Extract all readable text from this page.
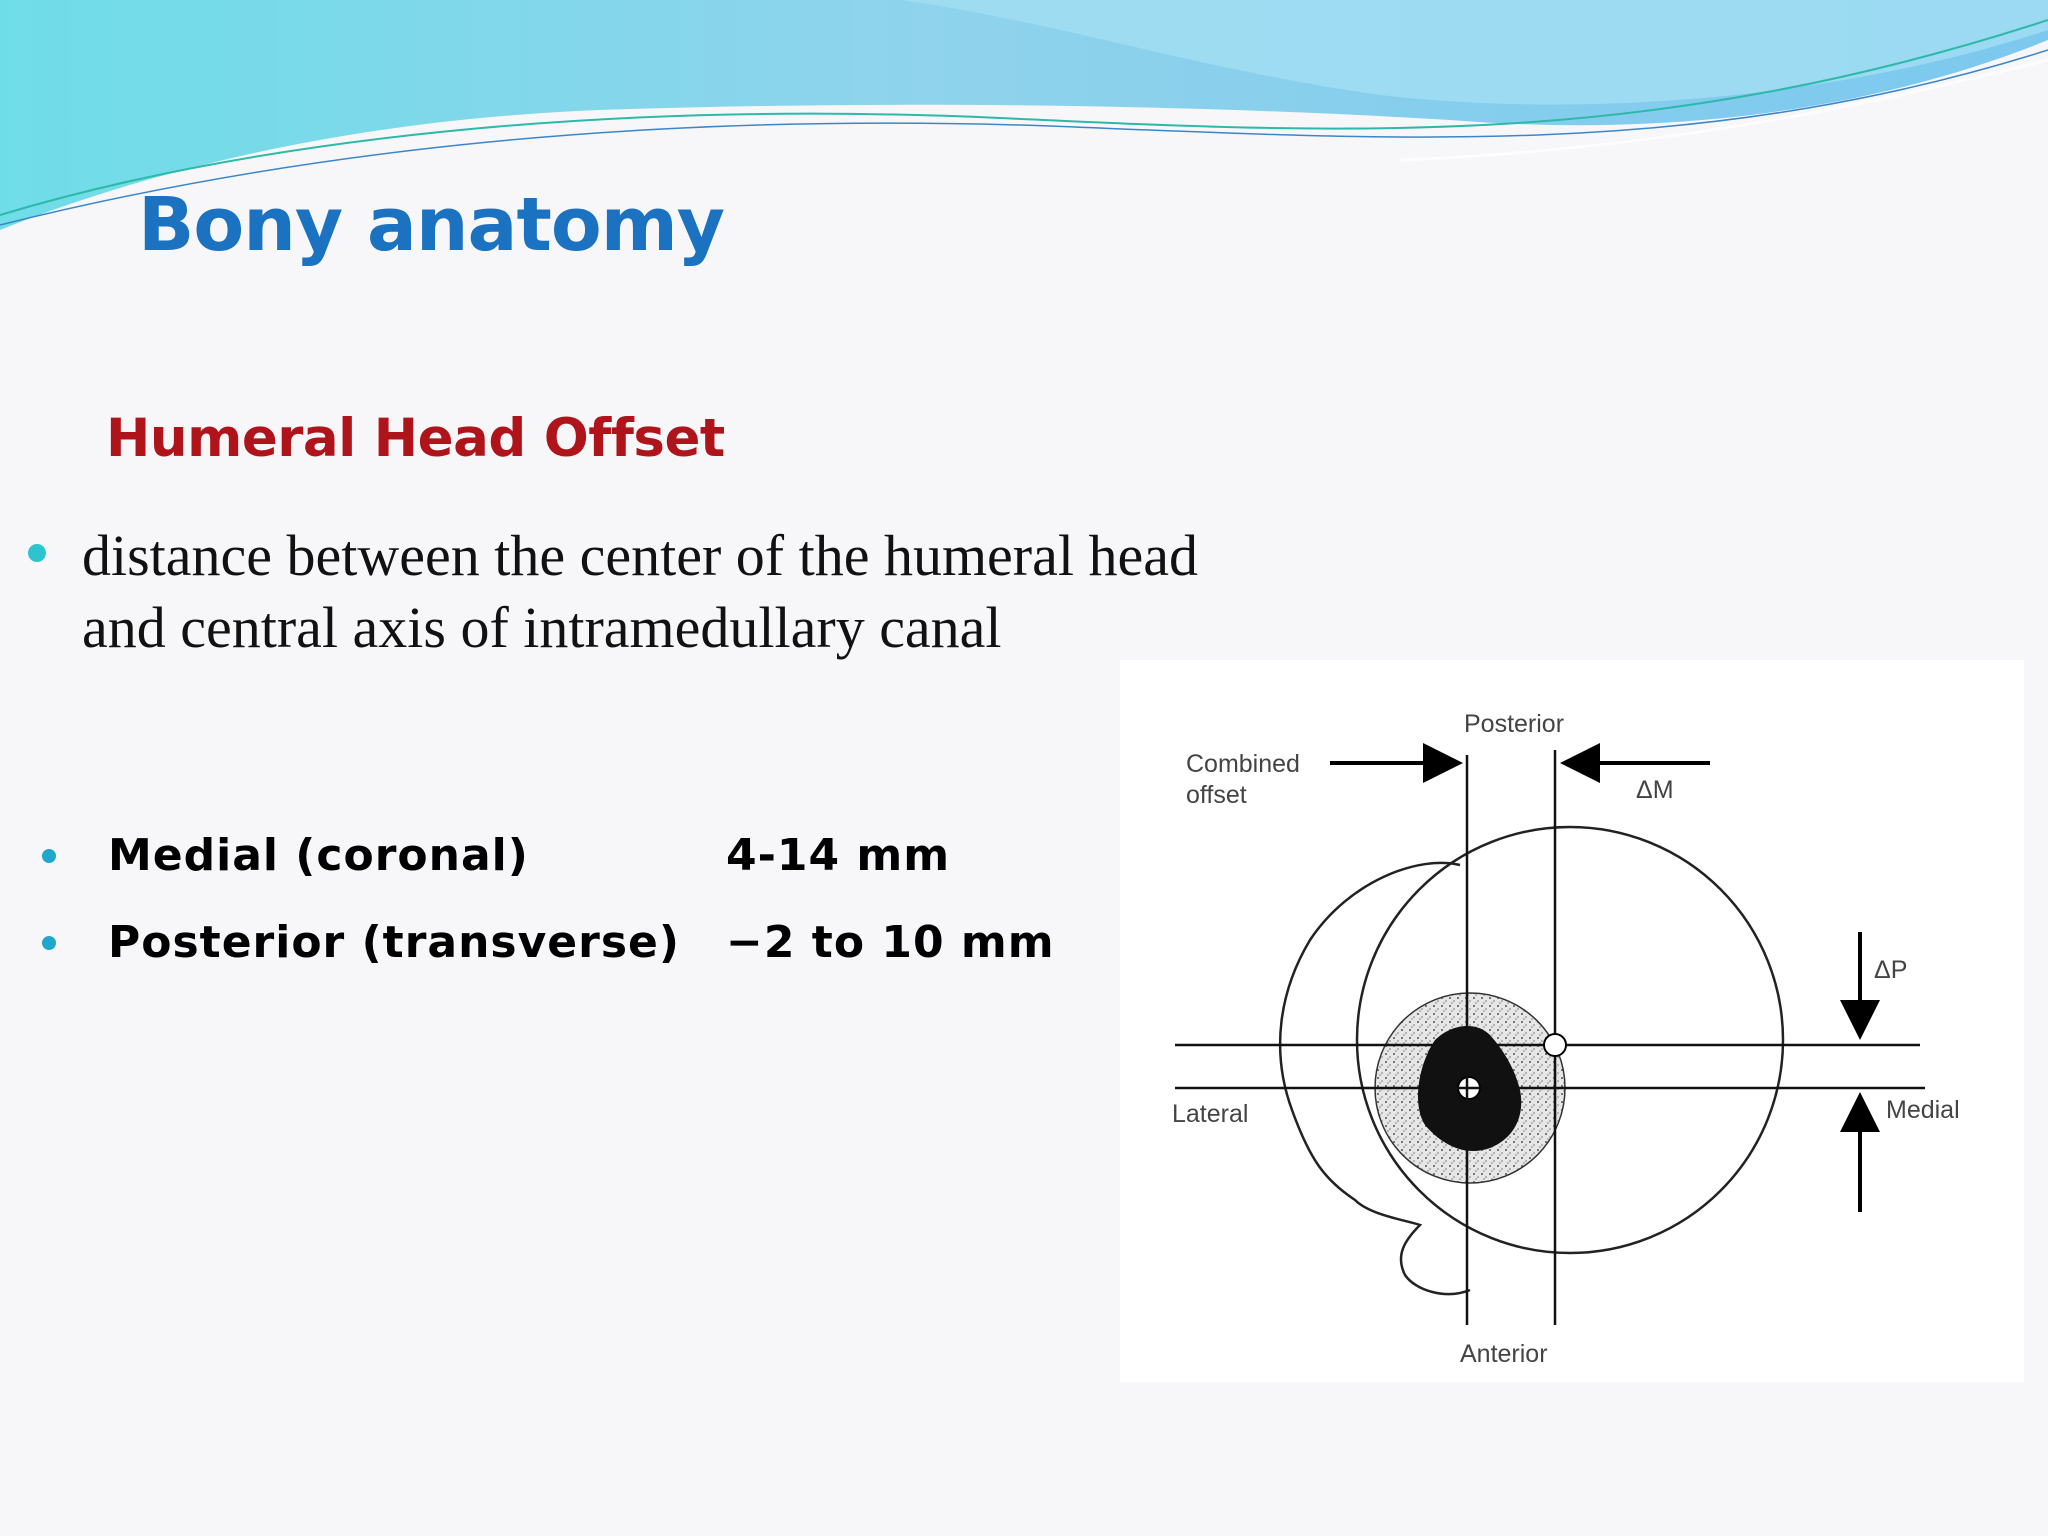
Bony anatomy
Humeral Head Offset

distance between the center of the humeral head
and central axis of intramedullary canal

Medial (coronal)	4-14 mm
Posterior (transverse) −2 to 10 mm
Posterior
Anterior
Lateral	Medial
Combined
offset	ΔM
ΔP
